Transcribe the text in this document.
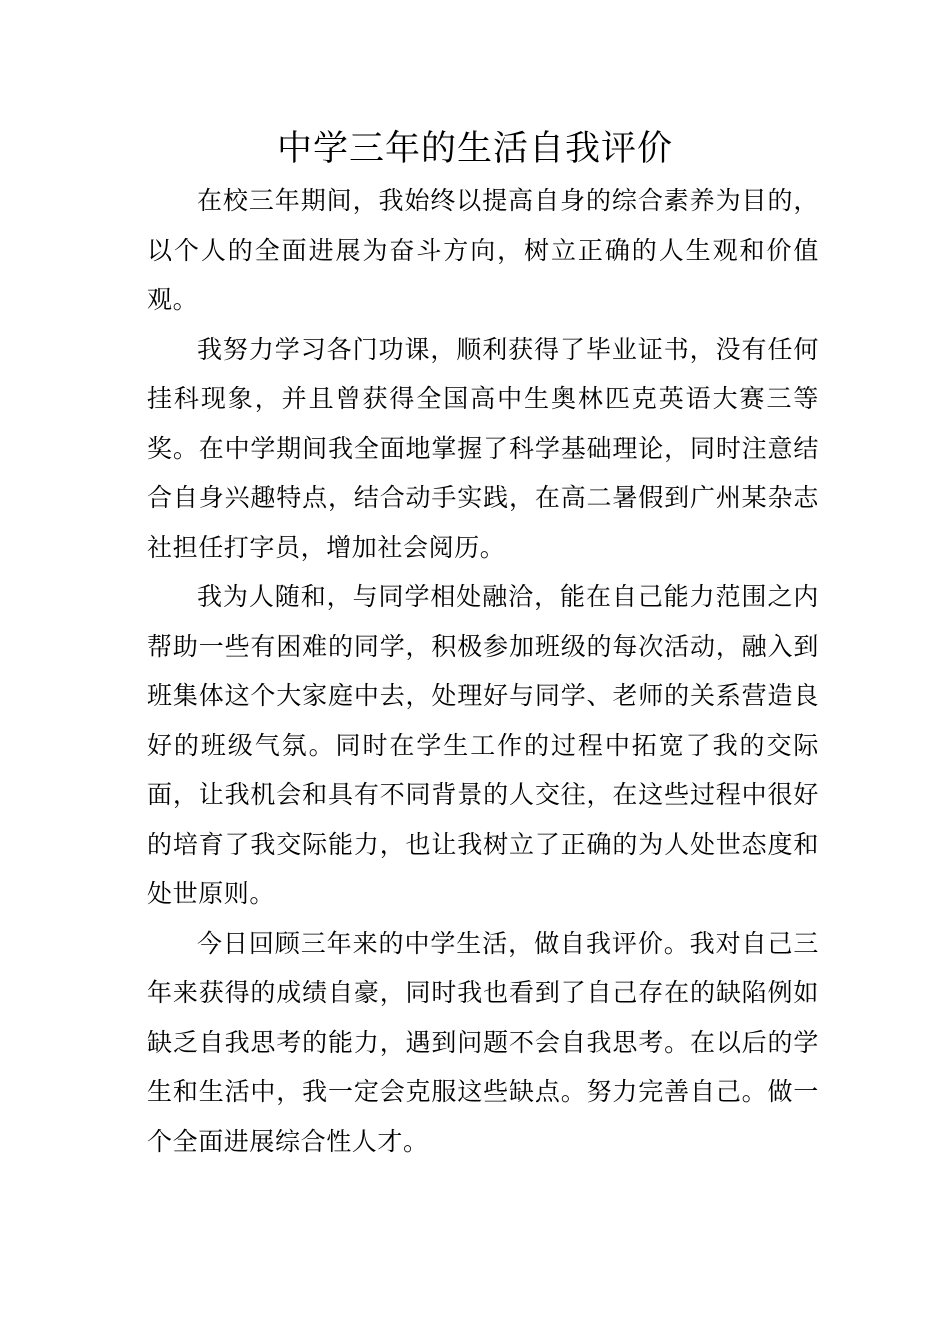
中学三年的生活自我评价

在校三年期间，我始终以提高自身的综合素养为目的，以个人的全面进展为奋斗方向，树立正确的人生观和价值观。

我努力学习各门功课，顺利获得了毕业证书，没有任何挂科现象，并且曾获得全国高中生奥林匹克英语大赛三等奖。在中学期间我全面地掌握了科学基础理论，同时注意结合自身兴趣特点，结合动手实践，在高二暑假到广州某杂志社担任打字员，增加社会阅历。

我为人随和，与同学相处融洽，能在自己能力范围之内帮助一些有困难的同学，积极参加班级的每次活动，融入到班集体这个大家庭中去，处理好与同学、老师的关系营造良好的班级气氛。同时在学生工作的过程中拓宽了我的交际面，让我机会和具有不同背景的人交往，在这些过程中很好的培育了我交际能力，也让我树立了正确的为人处世态度和处世原则。

今日回顾三年来的中学生活，做自我评价。我对自己三年来获得的成绩自豪，同时我也看到了自己存在的缺陷例如缺乏自我思考的能力，遇到问题不会自我思考。在以后的学生和生活中，我一定会克服这些缺点。努力完善自己。做一个全面进展综合性人才。
